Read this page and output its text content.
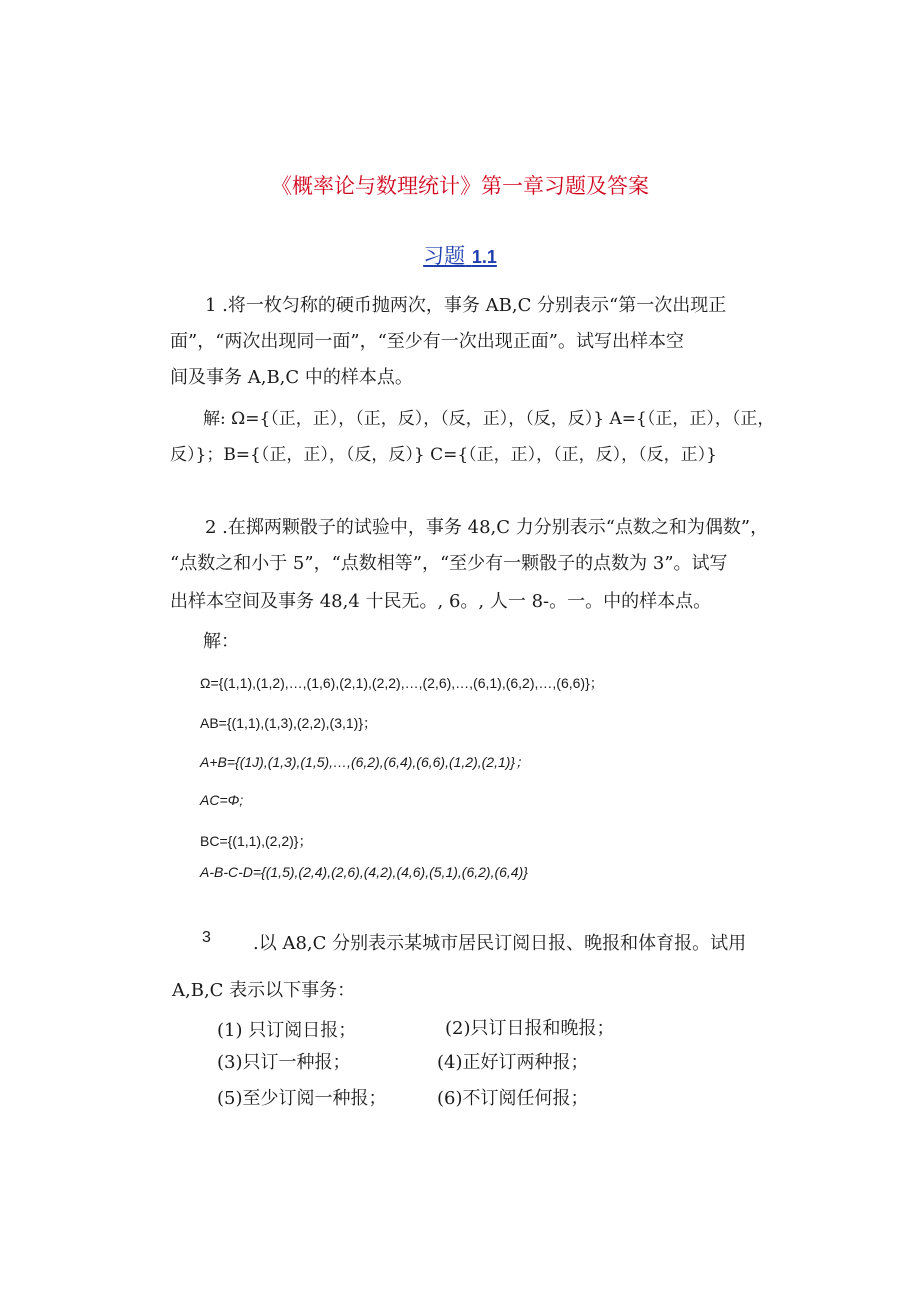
《概率论与数理统计》第一章习题及答案
习题 1.1
1 .将一枚匀称的硬币抛两次，事务 AB,C 分别表示“第一次出现正
面”，“两次出现同一面”，“至少有一次出现正面”。试写出样本空
间及事务 A,B,C 中的样本点。
解: Ω={（正，正），（正，反），（反，正），（反，反）} A={（正，正），（正，
反）}；B={（正，正），（反，反）} C={（正，正），（正，反），（反，正）}
2 .在掷两颗骰子的试验中，事务 48,C 力分别表示“点数之和为偶数”，
“点数之和小于 5”，“点数相等”，“至少有一颗骰子的点数为 3”。试写
出样本空间及事务 48,4 十民无。, 6。, 人一 8-。一。中的样本点。
解：
Ω={(1,1),(1,2),…,(1,6),(2,1),(2,2),…,(2,6),…,(6,1),(6,2),…,(6,6)}；
AB={(1,1),(1,3),(2,2),(3,1)}；
A+B={(1J),(1,3),(1,5),…,(6,2),(6,4),(6,6),(1,2),(2,1)}；
AC=Φ;
BC={(1,1),(2,2)}；
A-B-C-D={(1,5),(2,4),(2,6),(4,2),(4,6),(5,1),(6,2),(6,4)}
3 .以 A8,C 分别表示某城市居民订阅日报、晚报和体育报。试用
A,B,C 表示以下事务：
(1) 只订阅日报；	(2)只订日报和晚报；
(3)只订一种报；	(4)正好订两种报；
(5)至少订阅一种报；	(6)不订阅任何报；
